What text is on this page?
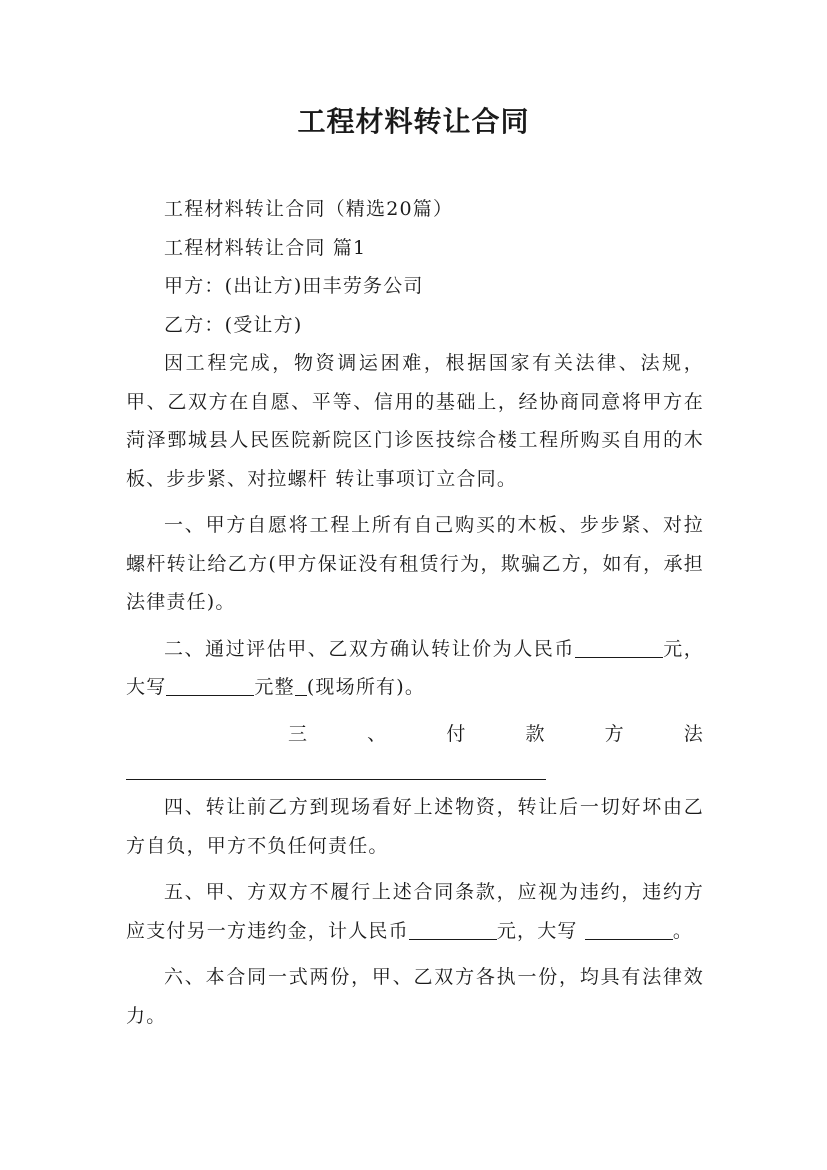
工程材料转让合同

工程材料转让合同（精选20篇）

工程材料转让合同 篇1

甲方：(出让方)田丰劳务公司

乙方：(受让方)

因工程完成，物资调运困难，根据国家有关法律、法规，甲、乙双方在自愿、平等、信用的基础上，经协商同意将甲方在菏泽鄄城县人民医院新院区门诊医技综合楼工程所购买自用的木板、步步紧、对拉螺杆 转让事项订立合同。

一、甲方自愿将工程上所有自己购买的木板、步步紧、对拉螺杆转让给乙方(甲方保证没有租赁行为，欺骗乙方，如有，承担法律责任)。

二、通过评估甲、乙双方确认转让价为人民币	元，大写	元整 (现场所有)。

三	、	付	款	方	法

四、转让前乙方到现场看好上述物资，转让后一切好坏由乙方自负，甲方不负任何责任。

五、甲、方双方不履行上述合同条款，应视为违约，违约方应支付另一方违约金，计人民币	元，大写	。

六、本合同一式两份，甲、乙双方各执一份，均具有法律效力。
